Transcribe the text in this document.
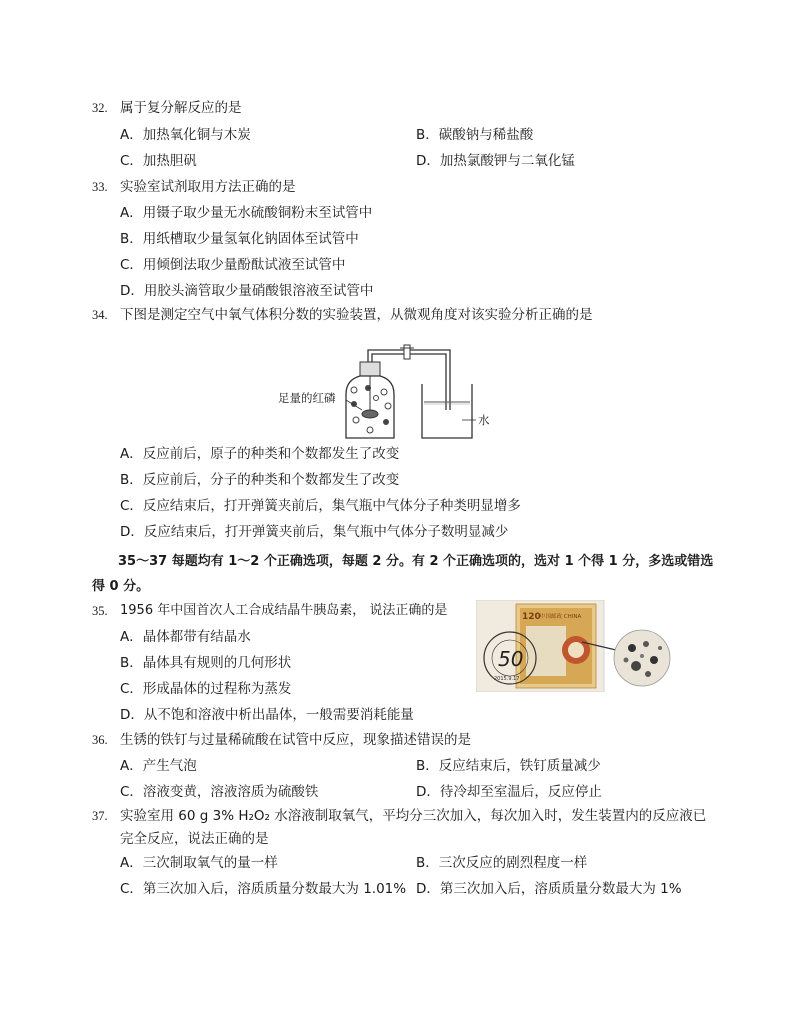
32. 属于复分解反应的是
A．加热氧化铜与木炭	B．碳酸钠与稀盐酸
C．加热胆矾	D．加热氯酸钾与二氧化锰
33. 实验室试剂取用方法正确的是
A．用镊子取少量无水硫酸铜粉末至试管中
B．用纸槽取少量氢氧化钠固体至试管中
C．用倾倒法取少量酚酞试液至试管中
D．用胶头滴管取少量硝酸银溶液至试管中
34. 下图是测定空气中氧气体积分数的实验装置，从微观角度对该实验分析正确的是
足量的红磷
水
A．反应前后，原子的种类和个数都发生了改变
B．反应前后，分子的种类和个数都发生了改变
C．反应结束后，打开弹簧夹前后，集气瓶中气体分子种类明显增多
D．反应结束后，打开弹簧夹前后，集气瓶中气体分子数明显减少
35～37 每题均有 1～2 个正确选项，每题 2 分。有 2 个正确选项的，选对 1 个得 1 分，多选或错选
得 0 分。
35. 1956 年中国首次人工合成结晶牛胰岛素， 说法正确的是
A．晶体都带有结晶水
B．晶体具有规则的几何形状
C．形成晶体的过程称为蒸发
D．从不饱和溶液中析出晶体，一般需要消耗能量
120 中国邮政 CHINA
50
2015.9.17
36. 生锈的铁钉与过量稀硫酸在试管中反应，现象描述错误的是
A．产生气泡	B．反应结束后，铁钉质量减少
C．溶液变黄，溶液溶质为硫酸铁	D．待冷却至室温后，反应停止
37. 实验室用 60 g 3% H₂O₂ 水溶液制取氧气，平均分三次加入，每次加入时，发生装置内的反应液已
完全反应，说法正确的是
A．三次制取氧气的量一样	B．三次反应的剧烈程度一样
C．第三次加入后，溶质质量分数最大为 1.01% D．第三次加入后，溶质质量分数最大为 1%
